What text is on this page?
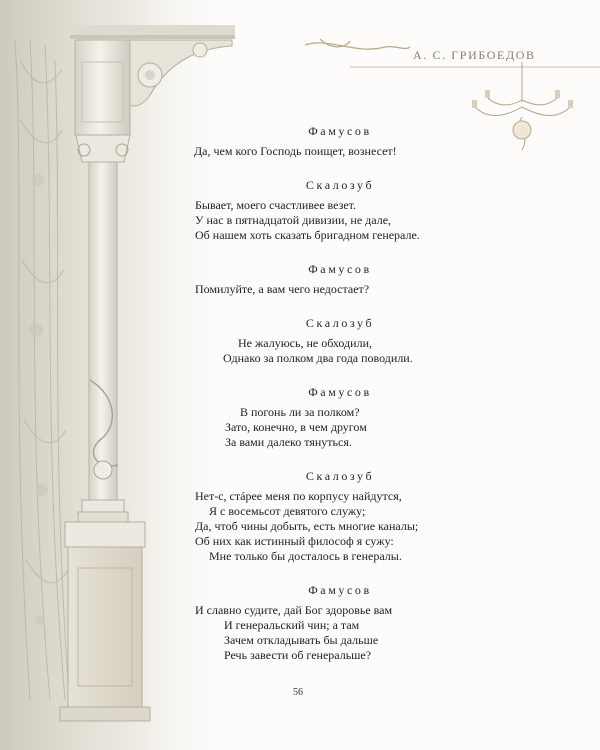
А. С. ГРИБОЕДОВ
Фамусов
Да, чем кого Господь поищет, вознесет!
Скалозуб
Бывает, моего счастливее везет.
У нас в пятнадцатой дивизии, не дале,
Об нашем хоть сказать бригадном генерале.
Фамусов
Помилуйте, а вам чего недостает?
Скалозуб
Не жалуюсь, не обходили,
Однако за полком два года поводили.
Фамусов
В погонь ли за полком?
Зато, конечно, в чем другом
За вами далеко тянуться.
Скалозуб
Нет-с, стáрее меня по корпусу найдутся,
Я с восемьсот девятого служу;
Да, чтоб чины добыть, есть многие каналы;
Об них как истинный философ я сужу:
Мне только бы досталось в генералы.
Фамусов
И славно судите, дай Бог здоровье вам
И генеральский чин; а там
Зачем откладывать бы дальше
Речь завести об генеральше?
56
